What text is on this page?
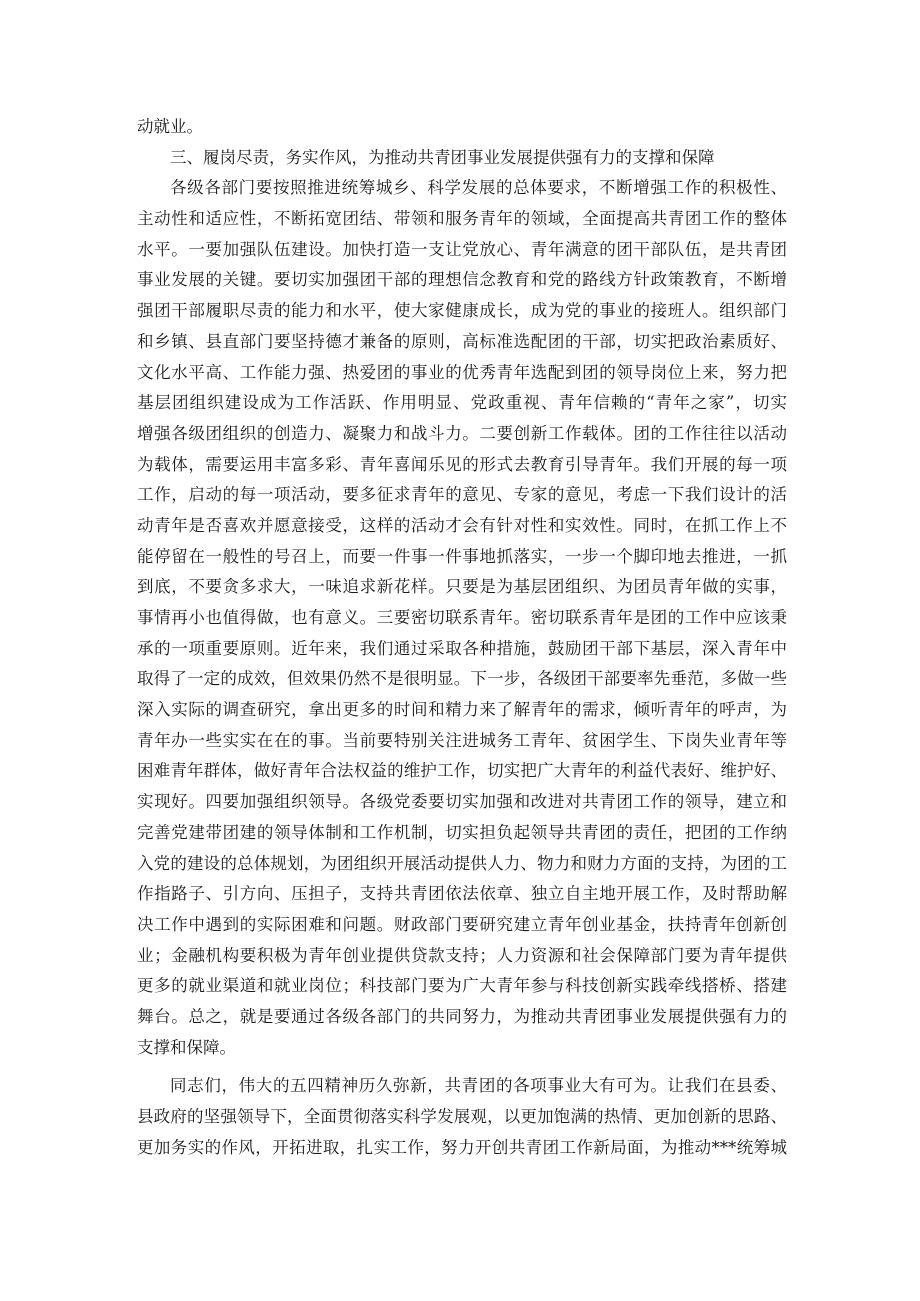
动就业。
三、履岗尽责，务实作风，为推动共青团事业发展提供强有力的支撑和保障
各级各部门要按照推进统筹城乡、科学发展的总体要求，不断增强工作的积极性、
主动性和适应性，不断拓宽团结、带领和服务青年的领域，全面提高共青团工作的整体
水平。一要加强队伍建设。加快打造一支让党放心、青年满意的团干部队伍，是共青团
事业发展的关键。要切实加强团干部的理想信念教育和党的路线方针政策教育，不断增
强团干部履职尽责的能力和水平，使大家健康成长，成为党的事业的接班人。组织部门
和乡镇、县直部门要坚持德才兼备的原则，高标准选配团的干部，切实把政治素质好、
文化水平高、工作能力强、热爱团的事业的优秀青年选配到团的领导岗位上来，努力把
基层团组织建设成为工作活跃、作用明显、党政重视、青年信赖的“青年之家”，切实
增强各级团组织的创造力、凝聚力和战斗力。二要创新工作载体。团的工作往往以活动
为载体，需要运用丰富多彩、青年喜闻乐见的形式去教育引导青年。我们开展的每一项
工作，启动的每一项活动，要多征求青年的意见、专家的意见，考虑一下我们设计的活
动青年是否喜欢并愿意接受，这样的活动才会有针对性和实效性。同时，在抓工作上不
能停留在一般性的号召上，而要一件事一件事地抓落实，一步一个脚印地去推进，一抓
到底，不要贪多求大，一味追求新花样。只要是为基层团组织、为团员青年做的实事，
事情再小也值得做，也有意义。三要密切联系青年。密切联系青年是团的工作中应该秉
承的一项重要原则。近年来，我们通过采取各种措施，鼓励团干部下基层，深入青年中
取得了一定的成效，但效果仍然不是很明显。下一步，各级团干部要率先垂范，多做一些
深入实际的调查研究，拿出更多的时间和精力来了解青年的需求，倾听青年的呼声，为
青年办一些实实在在的事。当前要特别关注进城务工青年、贫困学生、下岗失业青年等
困难青年群体，做好青年合法权益的维护工作，切实把广大青年的利益代表好、维护好、
实现好。四要加强组织领导。各级党委要切实加强和改进对共青团工作的领导，建立和
完善党建带团建的领导体制和工作机制，切实担负起领导共青团的责任，把团的工作纳
入党的建设的总体规划，为团组织开展活动提供人力、物力和财力方面的支持，为团的工
作指路子、引方向、压担子，支持共青团依法依章、独立自主地开展工作，及时帮助解
决工作中遇到的实际困难和问题。财政部门要研究建立青年创业基金，扶持青年创新创
业；金融机构要积极为青年创业提供贷款支持；人力资源和社会保障部门要为青年提供
更多的就业渠道和就业岗位；科技部门要为广大青年参与科技创新实践牵线搭桥、搭建
舞台。总之，就是要通过各级各部门的共同努力，为推动共青团事业发展提供强有力的
支撑和保障。
同志们，伟大的五四精神历久弥新，共青团的各项事业大有可为。让我们在县委、
县政府的坚强领导下，全面贯彻落实科学发展观，以更加饱满的热情、更加创新的思路、
更加务实的作风，开拓进取，扎实工作，努力开创共青团工作新局面，为推动***统筹城
